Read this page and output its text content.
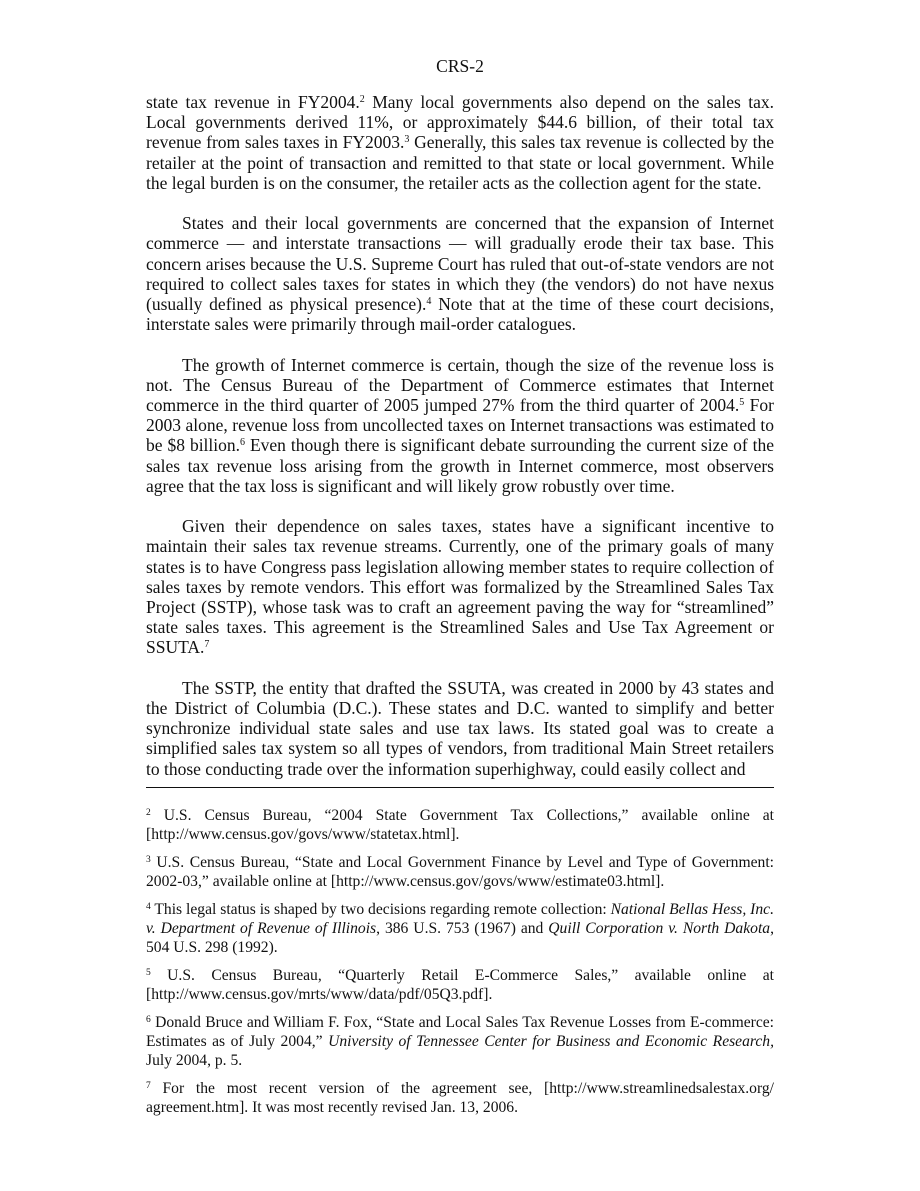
CRS-2

state tax revenue in FY2004.$^2$ Many local governments also depend on the sales tax. Local governments derived 11%, or approximately $44.6 billion, of their total tax revenue from sales taxes in FY2003.$^3$ Generally, this sales tax revenue is collected by the retailer at the point of transaction and remitted to that state or local government. While the legal burden is on the consumer, the retailer acts as the collection agent for the state.

States and their local governments are concerned that the expansion of Internet commerce — and interstate transactions — will gradually erode their tax base. This concern arises because the U.S. Supreme Court has ruled that out-of-state vendors are not required to collect sales taxes for states in which they (the vendors) do not have nexus (usually defined as physical presence).$^4$ Note that at the time of these court decisions, interstate sales were primarily through mail-order catalogues.

The growth of Internet commerce is certain, though the size of the revenue loss is not. The Census Bureau of the Department of Commerce estimates that Internet commerce in the third quarter of 2005 jumped 27% from the third quarter of 2004.$^5$ For 2003 alone, revenue loss from uncollected taxes on Internet transactions was estimated to be $8 billion.$^6$ Even though there is significant debate surrounding the current size of the sales tax revenue loss arising from the growth in Internet commerce, most observers agree that the tax loss is significant and will likely grow robustly over time.

Given their dependence on sales taxes, states have a significant incentive to maintain their sales tax revenue streams. Currently, one of the primary goals of many states is to have Congress pass legislation allowing member states to require collection of sales taxes by remote vendors. This effort was formalized by the Streamlined Sales Tax Project (SSTP), whose task was to craft an agreement paving the way for “streamlined” state sales taxes. This agreement is the Streamlined Sales and Use Tax Agreement or SSUTA.$^7$

The SSTP, the entity that drafted the SSUTA, was created in 2000 by 43 states and the District of Columbia (D.C.). These states and D.C. wanted to simplify and better synchronize individual state sales and use tax laws. Its stated goal was to create a simplified sales tax system so all types of vendors, from traditional Main Street retailers to those conducting trade over the information superhighway, could easily collect and

$^2$ U.S. Census Bureau, “2004 State Government Tax Collections,” available online at [http://www.census.gov/govs/www/statetax.html].

$^3$ U.S. Census Bureau, “State and Local Government Finance by Level and Type of Government: 2002-03,” available online at [http://www.census.gov/govs/www/estimate03.html].

$^4$ This legal status is shaped by two decisions regarding remote collection: National Bellas Hess, Inc. v. Department of Revenue of Illinois, 386 U.S. 753 (1967) and Quill Corporation v. North Dakota, 504 U.S. 298 (1992).

$^5$ U.S. Census Bureau, “Quarterly Retail E-Commerce Sales,” available online at [http://www.census.gov/mrts/www/data/pdf/05Q3.pdf].

$^6$ Donald Bruce and William F. Fox, “State and Local Sales Tax Revenue Losses from E-commerce: Estimates as of July 2004,” University of Tennessee Center for Business and Economic Research, July 2004, p. 5.

$^7$ For the most recent version of the agreement see, [http://www.streamlinedsalestax.org/ agreement.htm]. It was most recently revised Jan. 13, 2006.
